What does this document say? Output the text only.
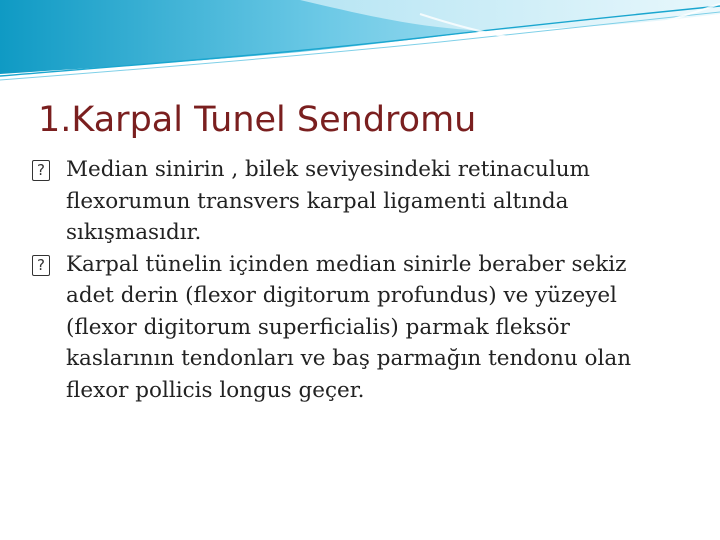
1.Karpal Tunel Sendromu
? Median sinirin , bilek seviyesindeki retinaculum flexorumun transvers karpal ligamenti altında sıkışmasıdır.
? Karpal tünelin içinden median sinirle beraber sekiz adet derin (flexor digitorum profundus) ve yüzeyel (flexor digitorum superficialis) parmak fleksör kaslarının tendonları ve baş parmağın tendonu olan flexor pollicis longus geçer.
